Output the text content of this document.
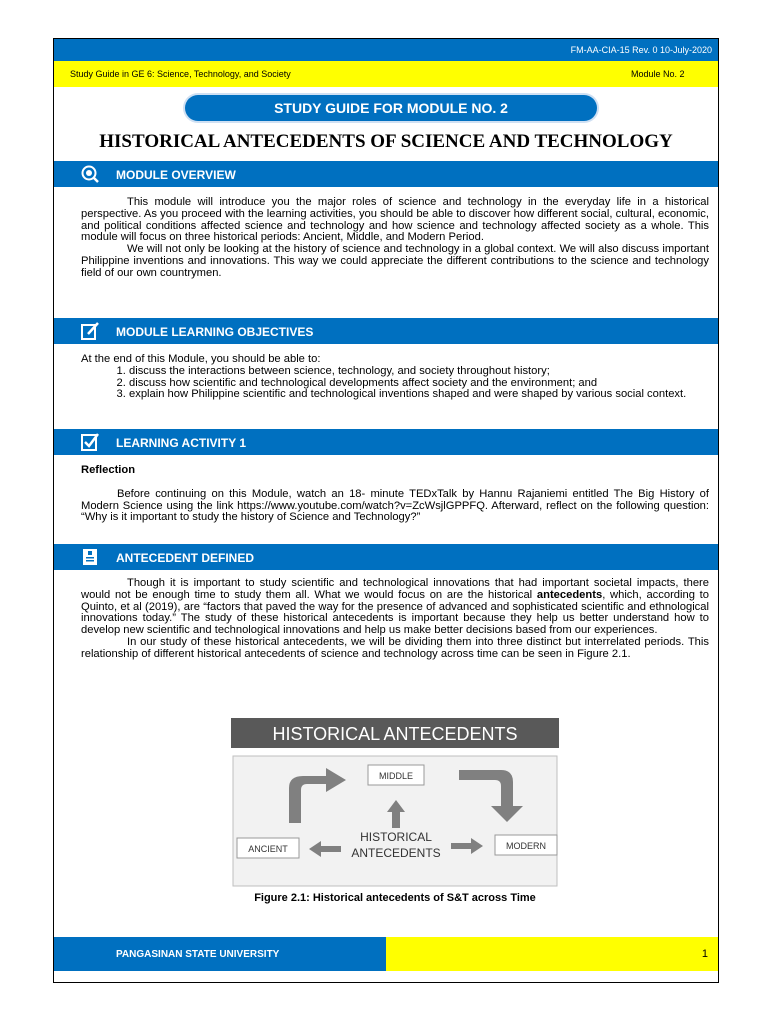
FM-AA-CIA-15 Rev. 0 10-July-2020
Study Guide in GE 6: Science, Technology, and Society	Module No. 2
STUDY GUIDE FOR MODULE NO. 2
HISTORICAL ANTECEDENTS OF SCIENCE AND TECHNOLOGY
MODULE OVERVIEW

This module will introduce you the major roles of science and technology in the everyday life in a historical perspective. As you proceed with the learning activities, you should be able to discover how different social, cultural, economic, and political conditions affected science and technology and how science and technology affected society as a whole. This module will focus on three historical periods: Ancient, Middle, and Modern Period.

We will not only be looking at the history of science and technology in a global context. We will also discuss important Philippine inventions and innovations. This way we could appreciate the different contributions to the science and technology field of our own countrymen.

MODULE LEARNING OBJECTIVES

At the end of this Module, you should be able to:

1. discuss the interactions between science, technology, and society throughout history;
2. discuss how scientific and technological developments affect society and the environment; and
3. explain how Philippine scientific and technological inventions shaped and were shaped by various social context.
LEARNING ACTIVITY 1

Reflection

Before continuing on this Module, watch an 18- minute TEDxTalk by Hannu Rajaniemi entitled The Big History of Modern Science using the link https://www.youtube.com/watch?v=ZcWsjlGPPFQ. Afterward, reflect on the following question: “Why is it important to study the history of Science and Technology?”

ANTECEDENT DEFINED

Though it is important to study scientific and technological innovations that had important societal impacts, there would not be enough time to study them all. What we would focus on are the historical antecedents, which, according to Quinto, et al (2019), are “factors that paved the way for the presence of advanced and sophisticated scientific and ethnological innovations today.” The study of these historical antecedents is important because they help us better understand how to develop new scientific and technological innovations and help us make better decisions based from our experiences.

In our study of these historical antecedents, we will be dividing them into three distinct but interrelated periods. This relationship of different historical antecedents of science and technology across time can be seen in Figure 2.1.

HISTORICAL ANTECEDENTS
MIDDLE
ANCIENT	MODERN
HISTORICAL
ANTECEDENTS
Figure 2.1: Historical antecedents of S&T across Time
PANGASINAN STATE UNIVERSITY	1
